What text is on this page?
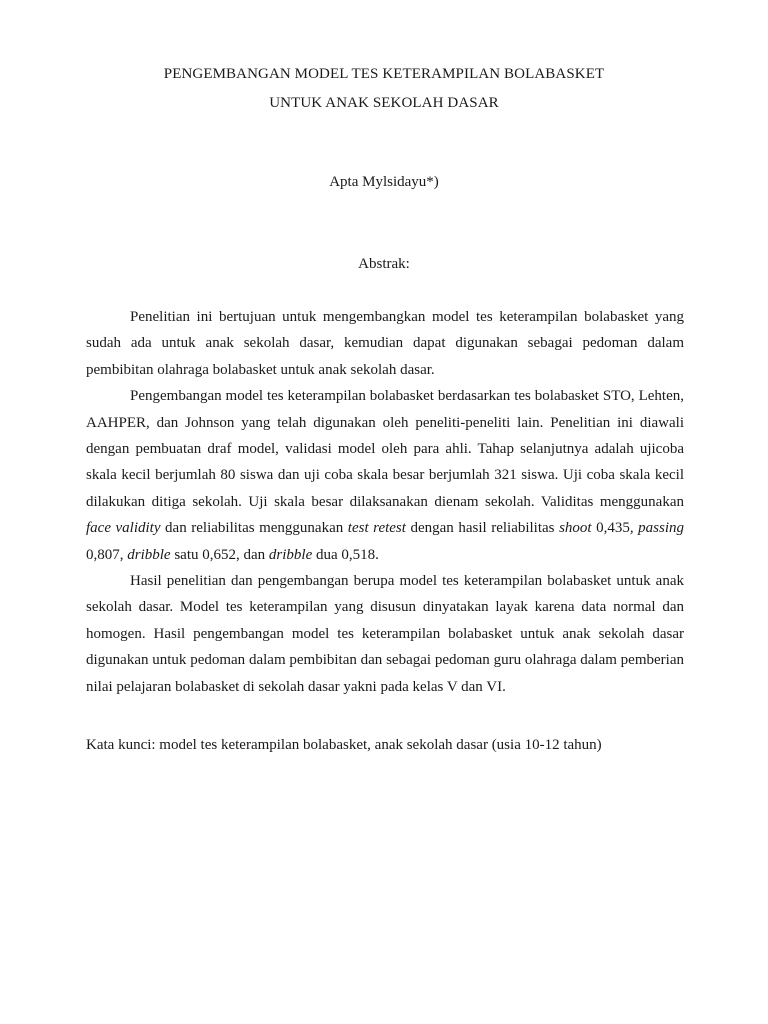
PENGEMBANGAN MODEL TES KETERAMPILAN BOLABASKET
UNTUK ANAK SEKOLAH DASAR
Apta Mylsidayu*)
Abstrak:

Penelitian ini bertujuan untuk mengembangkan model tes keterampilan bolabasket yang sudah ada untuk anak sekolah dasar, kemudian dapat digunakan sebagai pedoman dalam pembibitan olahraga bolabasket untuk anak sekolah dasar.

Pengembangan model tes keterampilan bolabasket berdasarkan tes bolabasket STO, Lehten, AAHPER, dan Johnson yang telah digunakan oleh peneliti-peneliti lain. Penelitian ini diawali dengan pembuatan draf model, validasi model oleh para ahli. Tahap selanjutnya adalah ujicoba skala kecil berjumlah 80 siswa dan uji coba skala besar berjumlah 321 siswa. Uji coba skala kecil dilakukan ditiga sekolah. Uji skala besar dilaksanakan dienam sekolah. Validitas menggunakan face validity dan reliabilitas menggunakan test retest dengan hasil reliabilitas shoot 0,435, passing 0,807, dribble satu 0,652, dan dribble dua 0,518.

Hasil penelitian dan pengembangan berupa model tes keterampilan bolabasket untuk anak sekolah dasar. Model tes keterampilan yang disusun dinyatakan layak karena data normal dan homogen. Hasil pengembangan model tes keterampilan bolabasket untuk anak sekolah dasar digunakan untuk pedoman dalam pembibitan dan sebagai pedoman guru olahraga dalam pemberian nilai pelajaran bolabasket di sekolah dasar yakni pada kelas V dan VI.

Kata kunci: model tes keterampilan bolabasket, anak sekolah dasar (usia 10-12 tahun)
